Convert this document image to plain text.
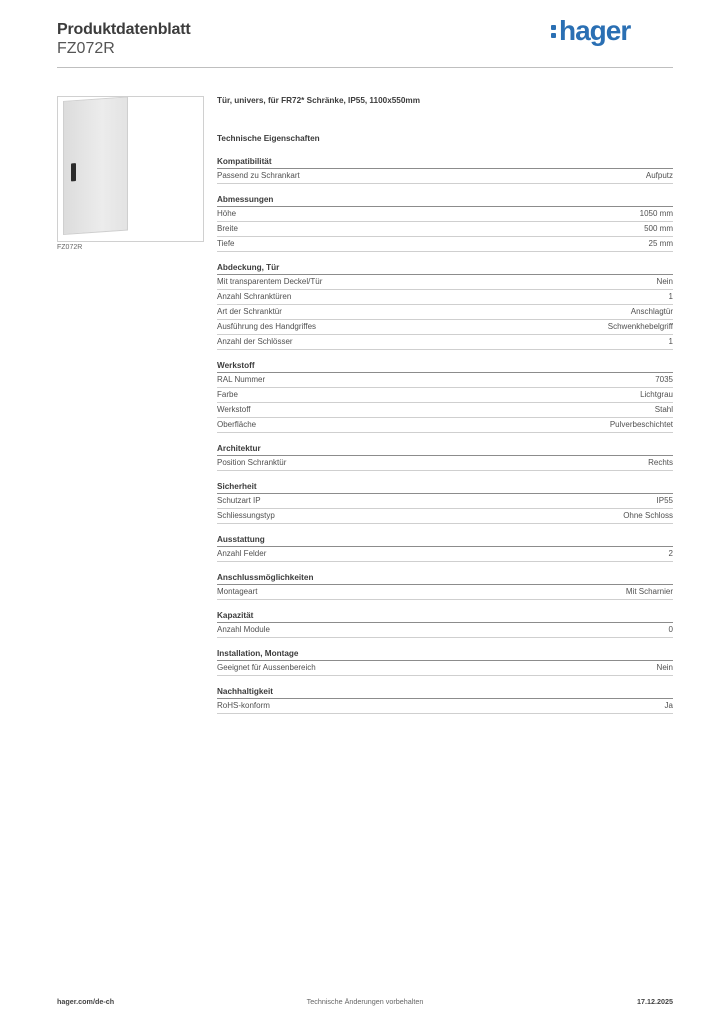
Produktdatenblatt
FZ072R
hager
FZ072R
Tür, univers, für FR72* Schränke, IP55, 1100x550mm
Technische Eigenschaften
Kompatibilität
Passend zu Schrankart	Aufputz
Abmessungen
Höhe	1050 mm
Breite	500 mm
Tiefe	25 mm
Abdeckung, Tür
Mit transparentem Deckel/Tür	Nein
Anzahl Schranktüren	1
Art der Schranktür	Anschlagtür
Ausführung des Handgriffes	Schwenkhebelgriff
Anzahl der Schlösser	1
Werkstoff
RAL Nummer	7035
Farbe	Lichtgrau
Werkstoff	Stahl
Oberfläche	Pulverbeschichtet
Architektur
Position Schranktür	Rechts
Sicherheit
Schutzart IP	IP55
Schliessungstyp	Ohne Schloss
Ausstattung
Anzahl Felder	2
Anschlussmöglichkeiten
Montageart	Mit Scharnier
Kapazität
Anzahl Module	0
Installation, Montage
Geeignet für Aussenbereich	Nein
Nachhaltigkeit
RoHS-konform	Ja
hager.com/de-ch	Technische Änderungen vorbehalten	17.12.2025
